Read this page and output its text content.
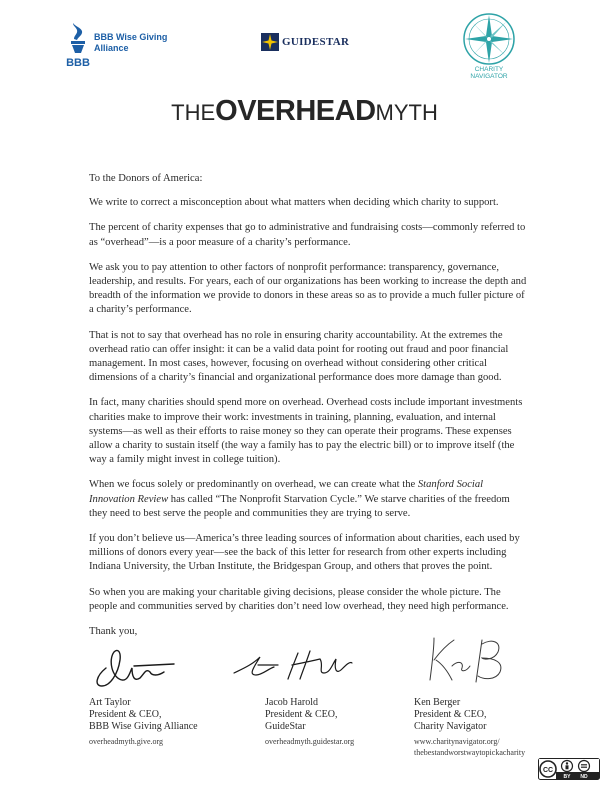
BBB
BBB Wise Giving
Alliance	GUIDESTAR
CHARITY
NAVIGATOR
THEOVERHEADMYTH

To the Donors of America:

We write to correct a misconception about what matters when deciding which charity to support.

The percent of charity expenses that go to administrative and fundraising costs—commonly referred to as “overhead”—is a poor measure of a charity’s performance.

We ask you to pay attention to other factors of nonprofit performance: transparency, governance, leadership, and results. For years, each of our organizations has been working to increase the depth and breadth of the information we provide to donors in these areas so as to provide a much fuller picture of a charity’s performance.

That is not to say that overhead has no role in ensuring charity accountability. At the extremes the overhead ratio can offer insight: it can be a valid data point for rooting out fraud and poor financial management. In most cases, however, focusing on overhead without considering other critical dimensions of a charity’s financial and organizational performance does more damage than good.

In fact, many charities should spend more on overhead. Overhead costs include important investments charities make to improve their work: investments in training, planning, evaluation, and internal systems—as well as their efforts to raise money so they can operate their programs. These expenses allow a charity to sustain itself (the way a family has to pay the electric bill) or to improve itself (the way a family might invest in college tuition).

When we focus solely or predominantly on overhead, we can create what the Stanford Social Innovation Review has called “The Nonprofit Starvation Cycle.” We starve charities of the freedom they need to best serve the people and communities they are trying to serve.

If you don’t believe us—America’s three leading sources of information about charities, each used by millions of donors every year—see the back of this letter for research from other experts including Indiana University, the Urban Institute, the Bridgespan Group, and others that proves the point.

So when you are making your charitable giving decisions, please consider the whole picture. The people and communities served by charities don’t need low overhead, they need high performance.

Thank you,

Art Taylor
President & CEO,
BBB Wise Giving Alliance
overheadmyth.give.org
Jacob Harold
President & CEO,
GuideStar
overheadmyth.guidestar.org
Ken Berger
President & CEO,
Charity Navigator
www.charitynavigator.org/
thebestandworstwaytopickacharity
CC
BY ND
